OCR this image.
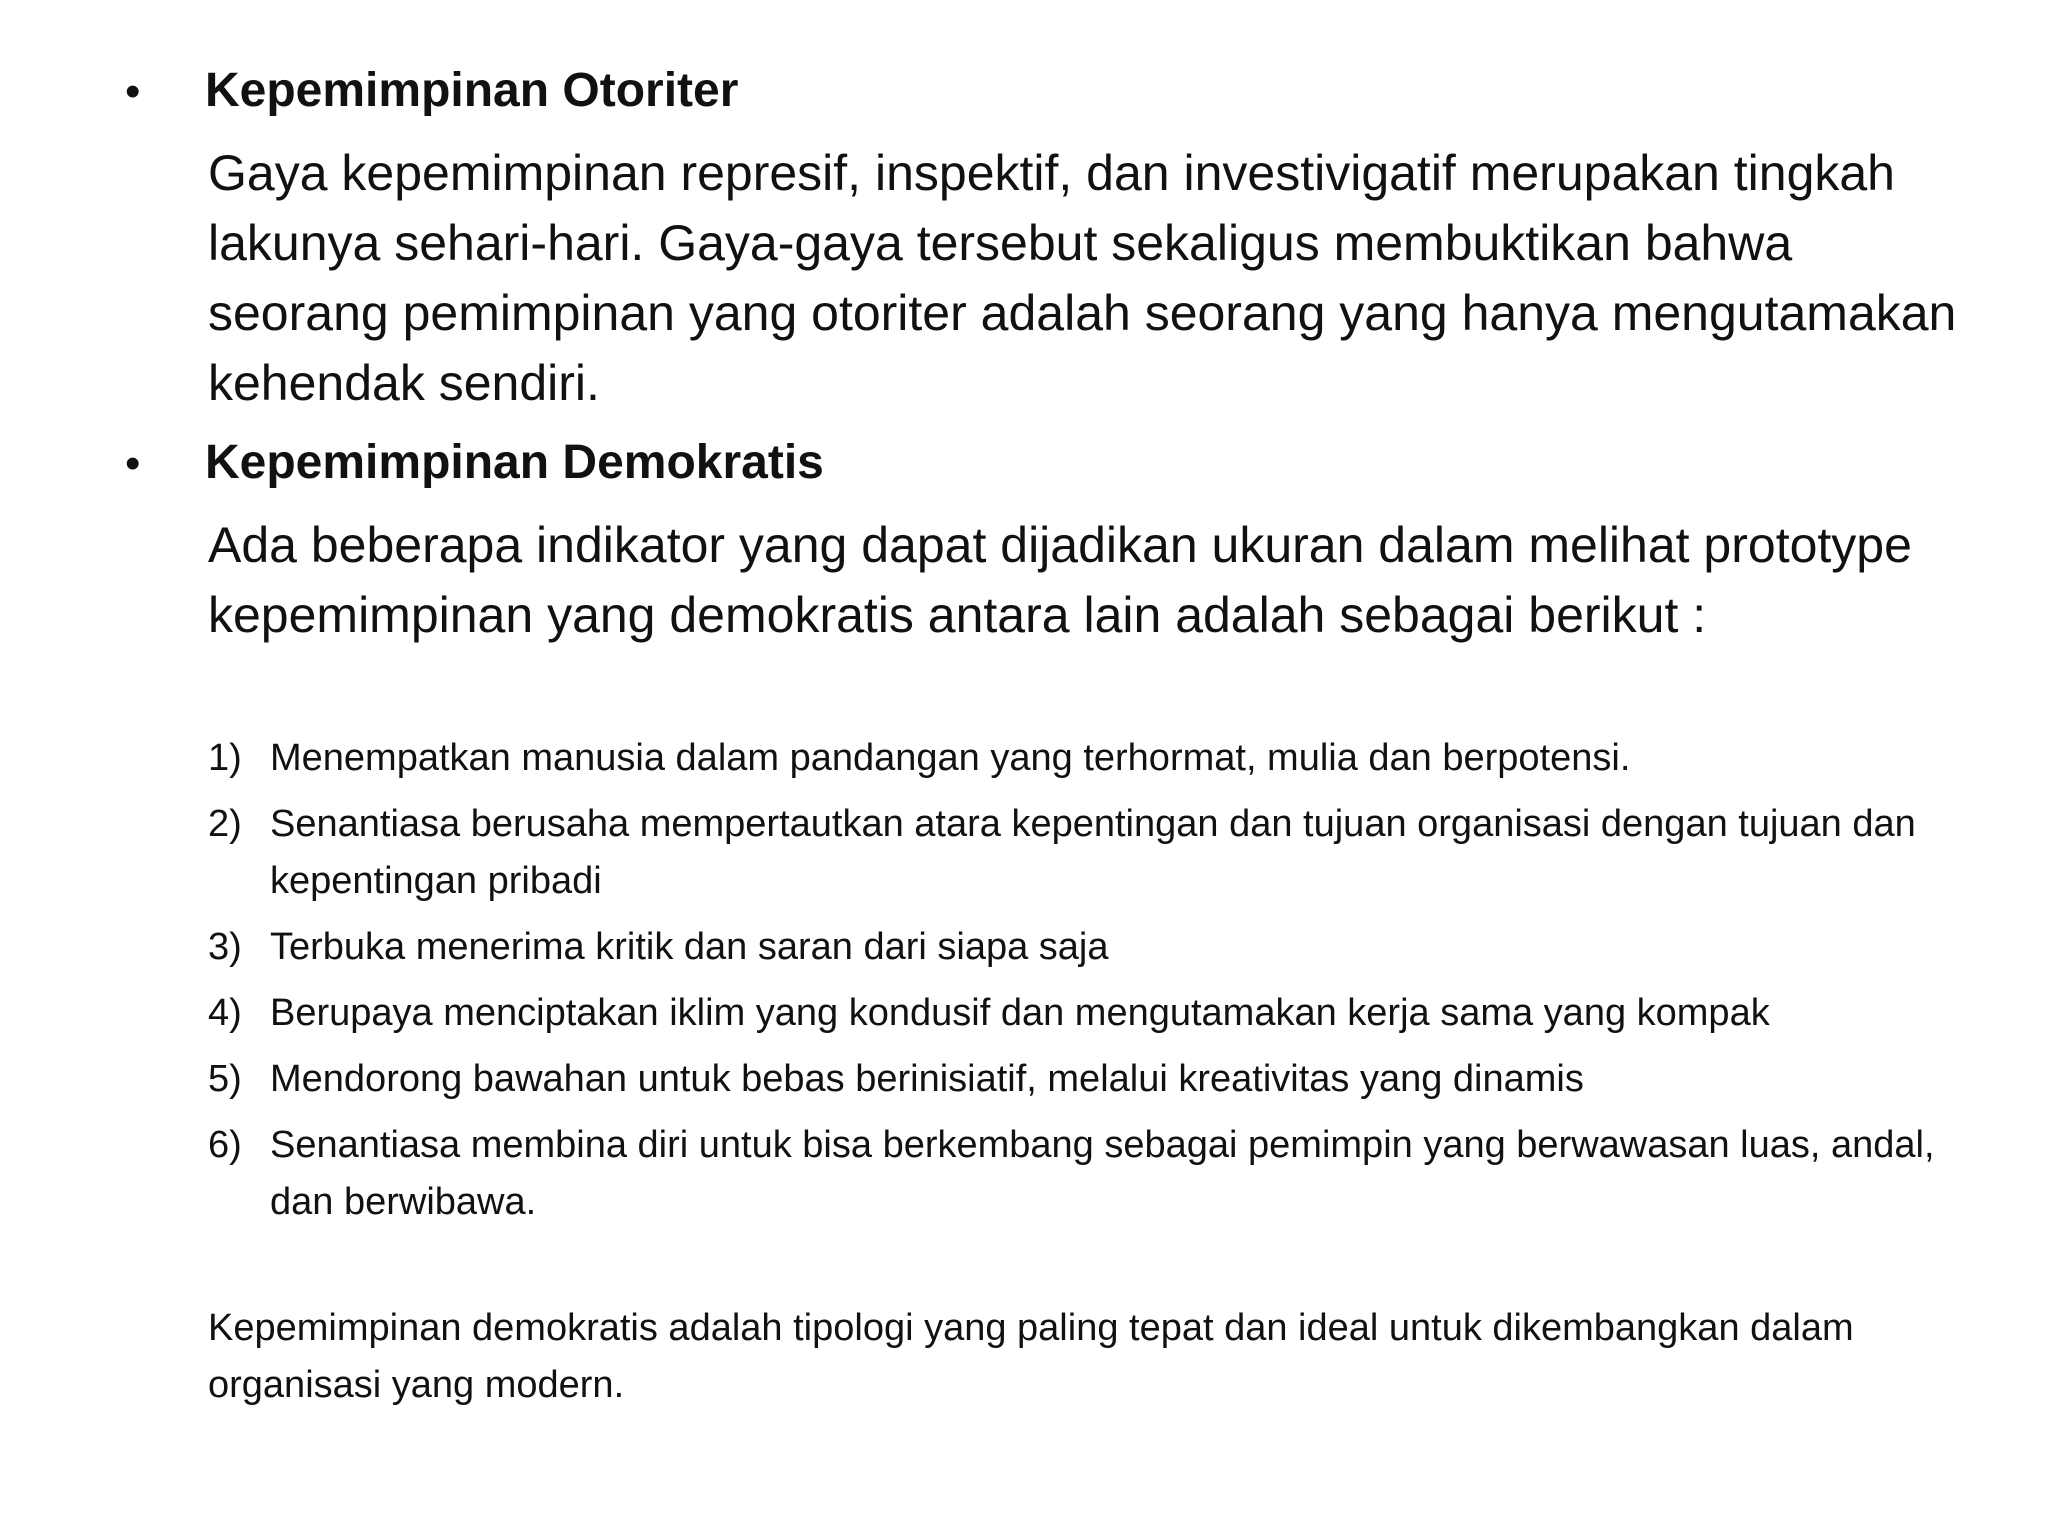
•	Kepemimpinan Otoriter

Gaya kepemimpinan represif, inspektif, dan investivigatif merupakan tingkah lakunya sehari-hari. Gaya-gaya tersebut sekaligus membuktikan bahwa seorang pemimpinan yang otoriter adalah seorang yang hanya mengutamakan kehendak sendiri.

•	Kepemimpinan Demokratis

Ada beberapa indikator yang dapat dijadikan ukuran dalam melihat prototype kepemimpinan yang demokratis antara lain adalah sebagai berikut :

1) Menempatkan manusia dalam pandangan yang terhormat, mulia dan berpotensi.
2) Senantiasa berusaha mempertautkan atara kepentingan dan tujuan organisasi dengan tujuan dan kepentingan pribadi
3) Terbuka menerima kritik dan saran dari siapa saja
4) Berupaya menciptakan iklim yang kondusif dan mengutamakan kerja sama yang kompak
5) Mendorong bawahan untuk bebas berinisiatif, melalui kreativitas yang dinamis
6) Senantiasa membina diri untuk bisa berkembang sebagai pemimpin yang berwawasan luas, andal, dan berwibawa.

Kepemimpinan demokratis adalah tipologi yang paling tepat dan ideal untuk dikembangkan dalam organisasi yang modern.
